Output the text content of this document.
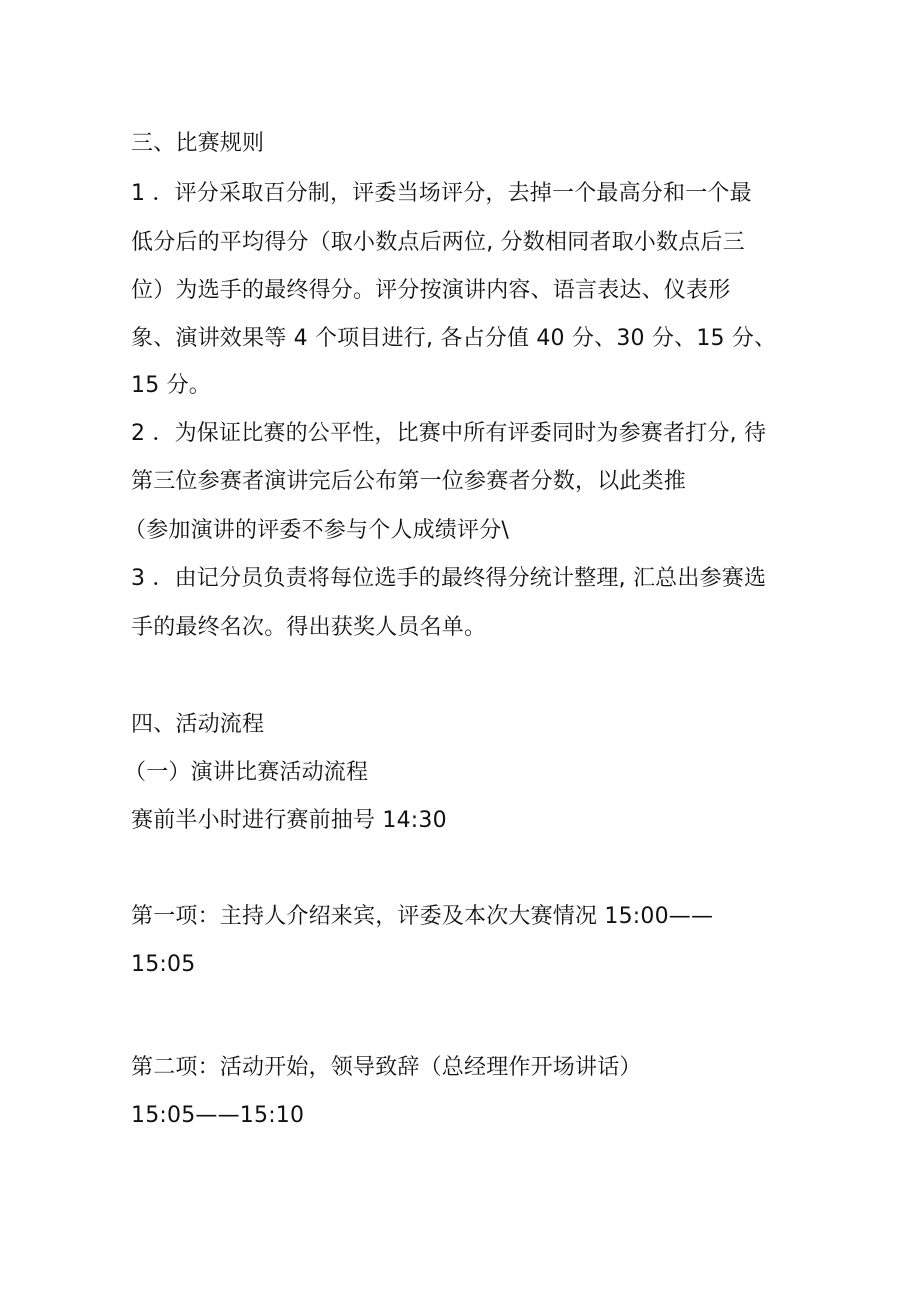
三、比赛规则
1 ．评分采取百分制，评委当场评分，去掉一个最高分和一个最
低分后的平均得分（取小数点后两位, 分数相同者取小数点后三
位）为选手的最终得分。评分按演讲内容、语言表达、仪表形
象、演讲效果等 4 个项目进行, 各占分值 40 分、30 分、15 分、
15 分。
2 ．为保证比赛的公平性，比赛中所有评委同时为参赛者打分, 待
第三位参赛者演讲完后公布第一位参赛者分数，以此类推
（参加演讲的评委不参与个人成绩评分\
3 ．由记分员负责将每位选手的最终得分统计整理, 汇总出参赛选
手的最终名次。得出获奖人员名单。
四、活动流程
（一）演讲比赛活动流程
赛前半小时进行赛前抽号 14:30
第一项：主持人介绍来宾，评委及本次大赛情况 15:00——
15:05
第二项：活动开始，领导致辞（总经理作开场讲话）
15:05——15:10
